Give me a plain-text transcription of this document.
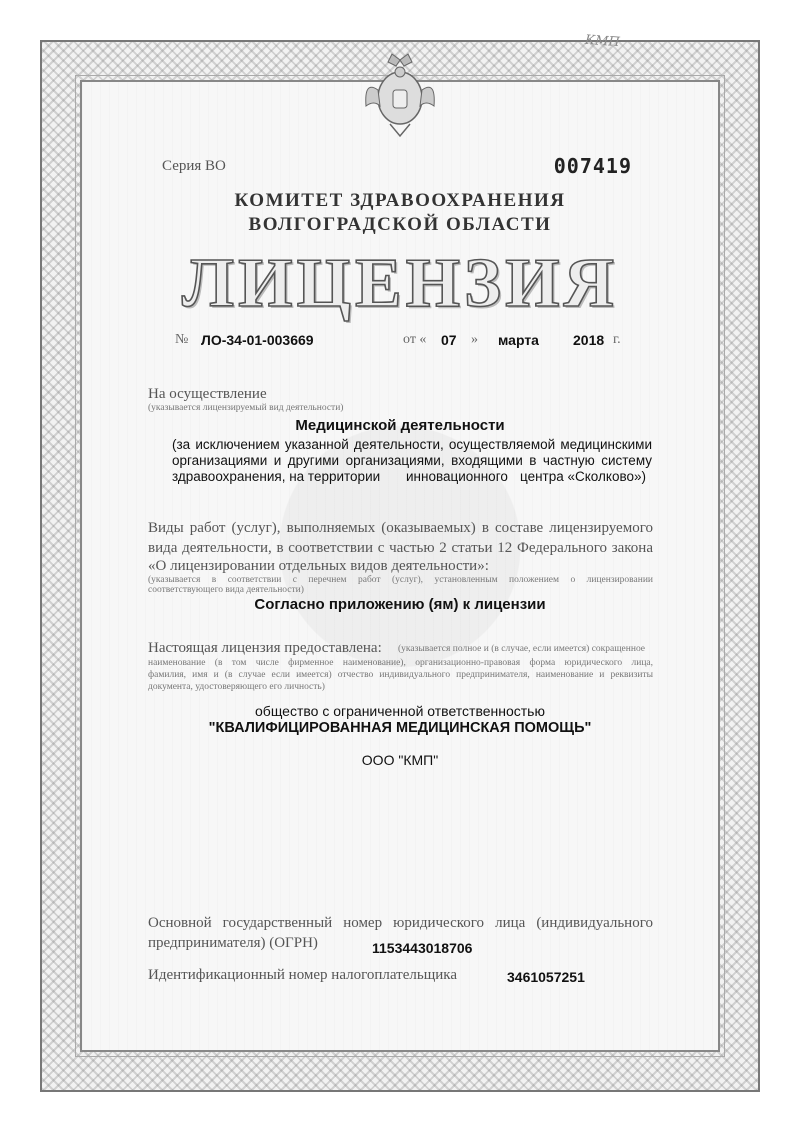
КМП
Серия ВО	007419
КОМИТЕТ ЗДРАВООХРАНЕНИЯ
ВОЛГОГРАДСКОЙ ОБЛАСТИ
ЛИЦЕНЗИЯ
№ ЛО-34-01-003669	от « 07 » марта 2018 г.
На осуществление
(указывается лицензируемый вид деятельности)
Медицинской деятельности
(за исключением указанной деятельности, осуществляемой медицинскими
организациями и другими организациями, входящими в частную систему
здравоохранения, на территории инновационного центра «Сколково»)
Виды работ (услуг), выполняемых (оказываемых) в составе лицензируемого
вида деятельности, в соответствии с частью 2 статьи 12 Федерального закона
«О лицензировании отдельных видов деятельности»:
(указывается в соответствии с перечнем работ (услуг), установленным положением о лицензировании
соответствующего вида деятельности)
Согласно приложению (ям) к лицензии
Настоящая лицензия предоставлена: (указывается полное и (в случае, если имеется) сокращенное
наименование (в том числе фирменное наименование), организационно-правовая форма юридического лица,
фамилия, имя и (в случае если имеется) отчество индивидуального предпринимателя, наименование и реквизиты
документа, удостоверяющего его личность)
общество с ограниченной ответственностью
"КВАЛИФИЦИРОВАННАЯ МЕДИЦИНСКАЯ ПОМОЩЬ"
ООО "КМП"
Основной государственный номер юридического лица (индивидуального
предпринимателя) (ОГРН)	1153443018706
Идентификационный номер налогоплательщика	3461057251
